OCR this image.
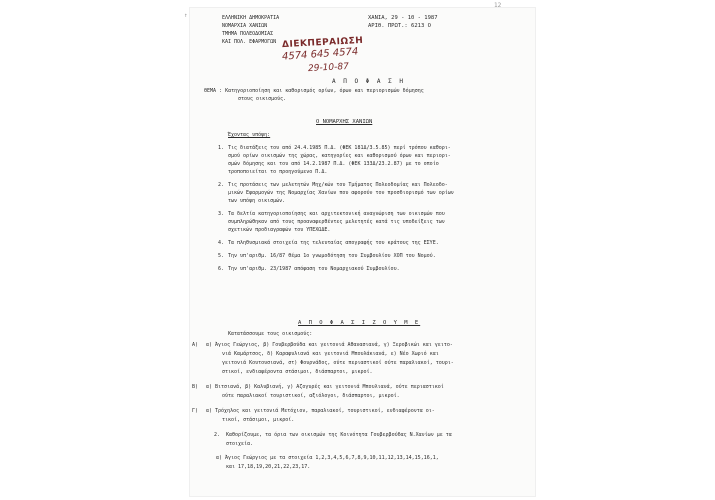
12
↑	ΕΛΛΗΝΙΚΗ ΔΗΜΟΚΡΑΤΙΑ
ΝΟΜΑΡΧΙΑ ΧΑΝΙΩΝ
ΤΜΗΜΑ ΠΟΛΕΟΔΟΜΙΑΣ
ΚΑΙ ΠΟΛ. ΕΦΑΡΜΟΓΩΝ
ΧΑΝΙΑ, 29 - 10 - 1987
ΑΡΙΘ. ΠΡΩΤ.: 6213 Ο
ΔΙΕΚΠΕΡΑΙΩΣΗ
4574 645 4574
29-10-87
Α Π Ο Φ Α Σ Η
ΘΕΜΑ : Κατηγοριοποίηση και καθορισμός ορίων, όρων και περιορισμών δόμησης
στους οικισμούς.
Ο ΝΟΜΑΡΧΗΣ ΧΑΝΙΩΝ
Έχοντας υπόψη:
1. Τις διατάξεις του από 24.4.1985 Π.Δ. (ΦΕΚ 181Δ/3.5.85) περί τρόπου καθορι-
σμού ορίων οικισμών της χώρας, κατηγορίες και καθορισμού όρων και περιορι-
σμών δόμησης και του από 14.2.1987 Π.Δ. (ΦΕΚ 133Δ/23.2.87) με το οποίο
τροποποιείται το προηγούμενο Π.Δ.
2. Τις προτάσεις των μελετητών Μηχ/κών του Τμήματος Πολεοδομίας και Πολεοδο-
μικών Εφαρμογών της Νομαρχίας Χανίων που αφορούν τον προσδιορισμό των ορίων
των υπόψη οικισμών.
3. Τα δελτία κατηγοριοποίησης και αρχιτεκτονική αναγνώριση των οικισμών που
συμπληρώθηκαν από τους προαναφερθέντες μελετητές κατά τις υποδείξεις των
σχετικών προδιαγραφών του ΥΠΕΧΩΔΕ.
4. Τα πληθυσμιακά στοιχεία της τελευταίας απογραφής του κράτους της ΕΣΥΕ.
5. Την υπ'αριθμ. 16/87 θέμα 1ο γνωμοδότηση του Συμβουλίου ΧΟΠ του Νομού.
6. Την υπ'αριθμ. 23/1987 απόφαση του Νομαρχιακού Συμβουλίου.
Α Π Ο Φ Α Σ Ι Ζ Ο Υ Μ Ε
Κατατάσσουμε τους οικισμούς:
Α) α) Άγιος Γεώργιος, β) Γουβερβούδα και γειτονιά Αθανασιανά, γ) Ξεροβικώι και γειτο-
νιά Καμάρτσος, δ) Καραφυλιανά και γειτονιά Μπουλάκιανά, ε) Νέο Χωριό και
γειτονιά Κουτουσιανά, στ) Φουρνάδος, ούτε περιαστικοί ούτε παραλιακοί, τουρι-
στικοί, ενδιαφέροντα στάσιμοι, διάσπαρτοι, μικροί.
Β) α) Βιτσιανά, β) Καλυβιανή, γ) Αζογυρές και γειτονιά Μπουλιανά, ούτε περιαστικοί
ούτε παραλιακοί τουριστικοί, αξιόλογοι, διάσπαρτοι, μικροί.
Γ) α) Τρόχηλος και γειτονιά Μετόχιον, παραλιακοί, τουριστικοί, ενδιαφέροντα οι-
τικοί, στάσιμοι, μικροί.
2. Καθορίζουμε, τα όρια των οικισμών της Κοινότητα Γουβερβούδας Ν.Χανίων με τα
στοιχεία.
α) Άγιος Γεώργιος με τα στοιχεία 1,2,3,4,5,6,7,8,9,10,11,12,13,14,15,16,1,
και 17,18,19,20,21,22,23,17.
